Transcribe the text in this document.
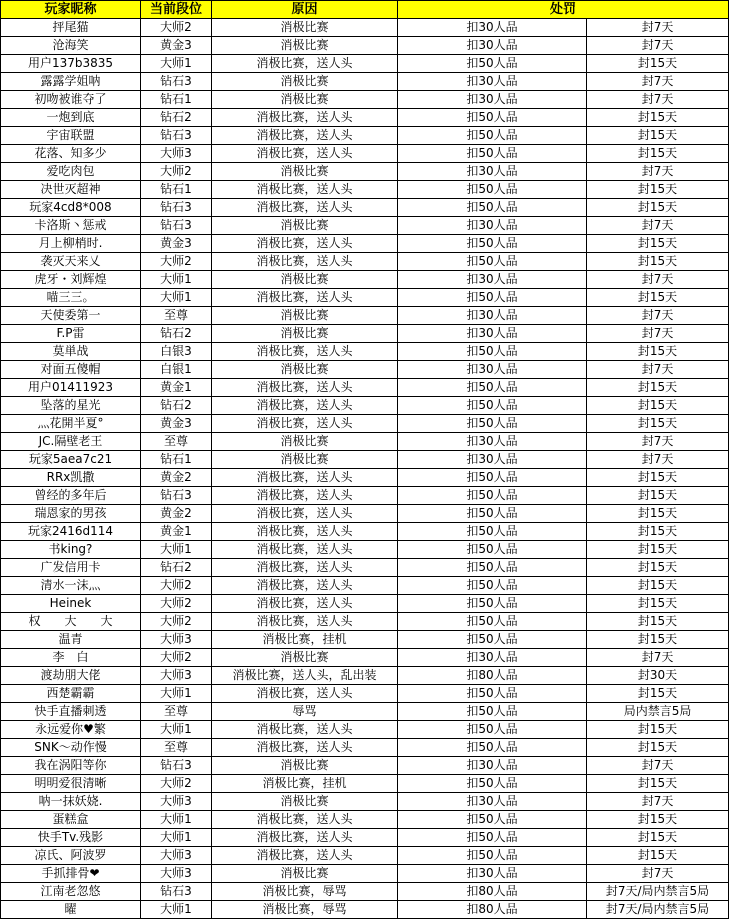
玩家昵称	当前段位	原因	处罚	
抨尾猫	大师2	消极比赛	扣30人品	封7天
沧海笑	黄金3	消极比赛	扣30人品	封7天
用户137b3835	大师1	消极比赛，送人头	扣50人品	封15天
露露学姐呐	钻石3	消极比赛	扣30人品	封7天
初吻被谁夺了	钻石1	消极比赛	扣30人品	封7天
一炮到底	钻石2	消极比赛，送人头	扣50人品	封15天
宇宙联盟	钻石3	消极比赛，送人头	扣50人品	封15天
花落、知多少	大师3	消极比赛，送人头	扣50人品	封15天
爱吃肉包	大师2	消极比赛	扣30人品	封7天
决世灭超神	钻石1	消极比赛，送人头	扣50人品	封15天
玩家4cd8*008	钻石3	消极比赛，送人头	扣50人品	封15天
卡洛斯丶惩戒	钻石3	消极比赛	扣30人品	封7天
月上柳梢时.	黄金3	消极比赛，送人头	扣50人品	封15天
袭灭天来乂	大师2	消极比赛，送人头	扣50人品	封15天
虎牙・刘辉煌	大师1	消极比赛	扣30人品	封7天
喵三三。	大师1	消极比赛，送人头	扣50人品	封15天
天使委第一	至尊	消极比赛	扣30人品	封7天
F.P雷	钻石2	消极比赛	扣30人品	封7天
莫単战	白银3	消极比赛，送人头	扣50人品	封15天
对面五傻帽	白银1	消极比赛	扣30人品	封7天
用户01411923	黄金1	消极比赛，送人头	扣50人品	封15天
坠落的星光	钻石2	消极比赛，送人头	扣50人品	封15天
灬花開半夏°	黄金3	消极比赛，送人头	扣50人品	封15天
JC.隔壁老王	至尊	消极比赛	扣30人品	封7天
玩家5aea7c21	钻石1	消极比赛	扣30人品	封7天
RRx凯撒	黄金2	消极比赛，送人头	扣50人品	封15天
曾经的多年后	钻石3	消极比赛，送人头	扣50人品	封15天
瑞恩家的男孩	黄金2	消极比赛，送人头	扣50人品	封15天
玩家2416d114	黄金1	消极比赛，送人头	扣50人品	封15天
书king?	大师1	消极比赛，送人头	扣50人品	封15天
广发信用卡	钻石2	消极比赛，送人头	扣50人品	封15天
清水一沫灬	大师2	消极比赛，送人头	扣50人品	封15天
Heinek	大师2	消极比赛，送人头	扣50人品	封15天
权　　大　　大	大师2	消极比赛，送人头	扣50人品	封15天
温青	大师3	消极比赛，挂机	扣50人品	封15天
李　白	大师2	消极比赛	扣30人品	封7天
渡劫朋大佬	大师3	消极比赛，送人头，乱出装	扣80人品	封30天
西楚霸霸	大师1	消极比赛，送人头	扣50人品	封15天
快手直播刺透	至尊	辱骂	扣50人品	局内禁言5局
永远爱你♥繁	大师1	消极比赛，送人头	扣50人品	封15天
SNK～动作慢	至尊	消极比赛，送人头	扣50人品	封15天
我在涡阳等你	钻石3	消极比赛	扣30人品	封7天
明明爱很清晰	大师2	消极比赛，挂机	扣50人品	封15天
呐一抹妖娆.	大师3	消极比赛	扣30人品	封7天
蛋糕盒	大师1	消极比赛，送人头	扣50人品	封15天
快手Tv.残影	大师1	消极比赛，送人头	扣50人品	封15天
凉氏、阿波罗	大师3	消极比赛，送人头	扣50人品	封15天
手抓排骨❤	大师3	消极比赛	扣30人品	封7天
江南老忽悠	钻石3	消极比赛，辱骂	扣80人品	封7天/局内禁言5局
曜	大师1	消极比赛，辱骂	扣80人品	封7天/局内禁言5局
